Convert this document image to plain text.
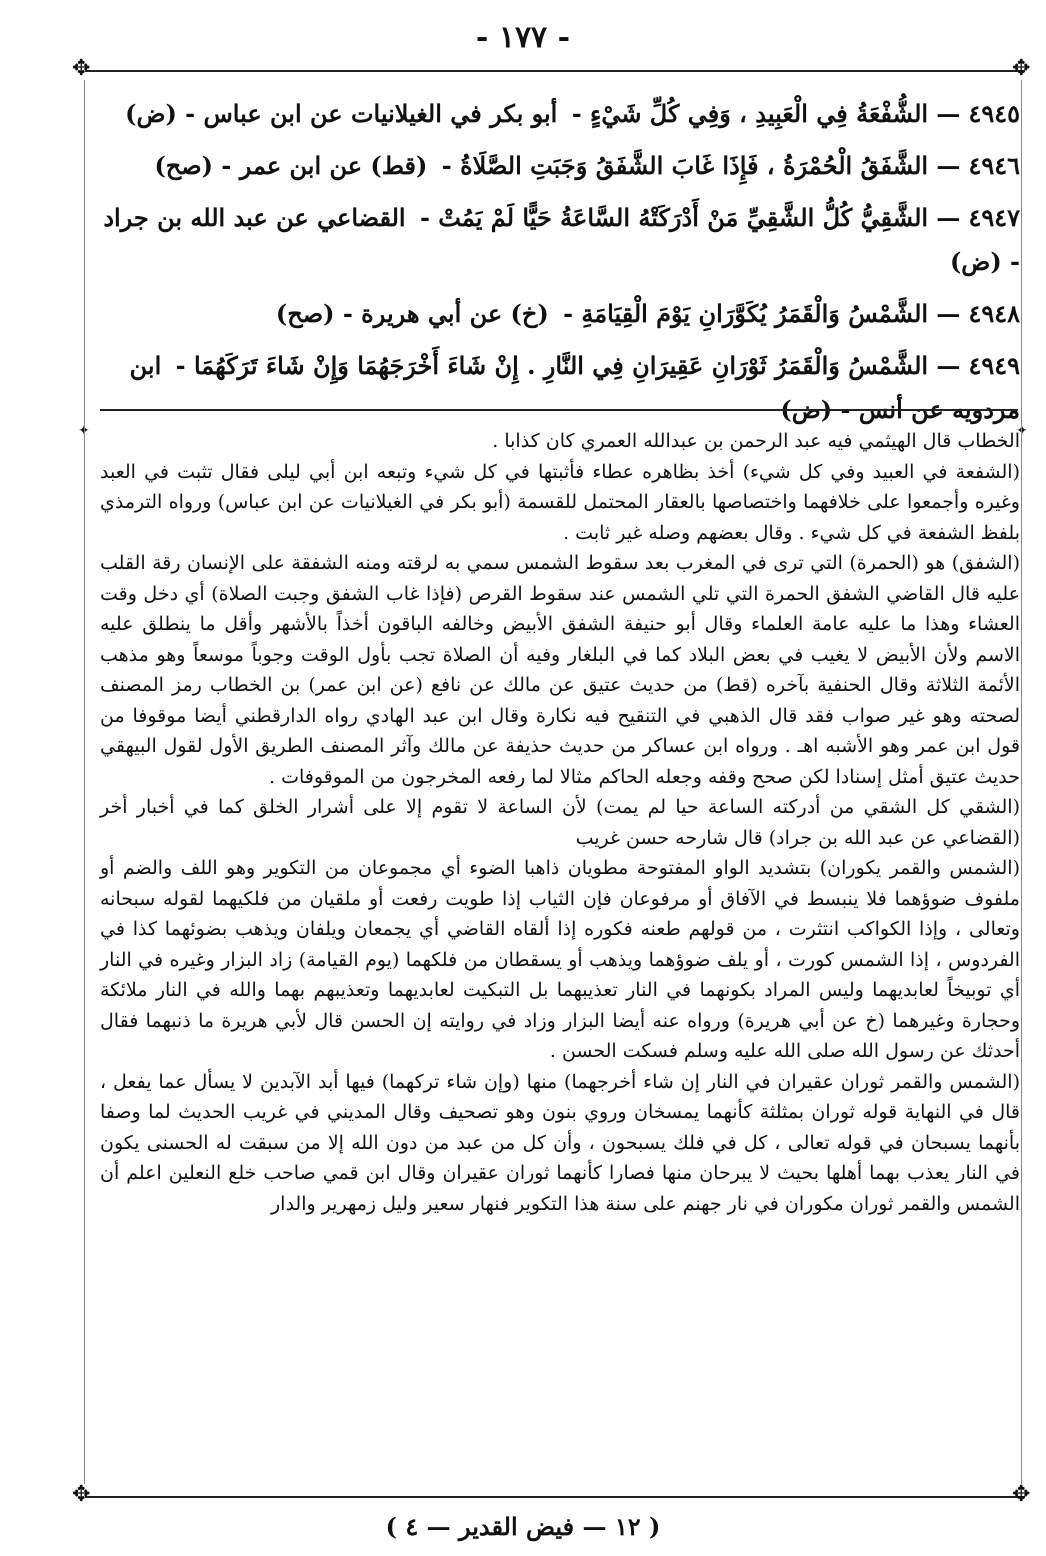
- ١٧٧ -
✥	✥
✦	✦

٤٩٤٥— الشُّفْعَةُ فِي الْعَبِيدِ ، وَفِي كُلِّ شَيْءٍ - أبو بكر في الغيلانيات عن ابن عباس - (ض)

٤٩٤٦— الشَّفَقُ الْحُمْرَةُ ، فَإِذَا غَابَ الشَّفَقُ وَجَبَتِ الصَّلَاةُ - (قط) عن ابن عمر - (صح)

٤٩٤٧— الشَّقِيُّ كُلُّ الشَّقِيِّ مَنْ أَدْرَكَتْهُ السَّاعَةُ حَيًّا لَمْ يَمُتْ - القضاعي عن عبد الله بن جراد - (ض)

٤٩٤٨— الشَّمْسُ وَالْقَمَرُ يُكَوَّرَانِ يَوْمَ الْقِيَامَةِ - (خ) عن أبي هريرة - (صح)

٤٩٤٩— الشَّمْسُ وَالْقَمَرُ ثَوْرَانِ عَقِيرَانِ فِي النَّارِ . إِنْ شَاءَ أَخْرَجَهُمَا وَإِنْ شَاءَ تَرَكَهُمَا - ابن مردويه عن أنس - (ض)

الخطاب قال الهيثمي فيه عبد الرحمن بن عبدالله العمري كان كذابا .

(الشفعة في العبيد وفي كل شيء) أخذ بظاهره عطاء فأثبتها في كل شيء وتبعه ابن أبي ليلى فقال تثبت في العبد وغيره وأجمعوا على خلافهما واختصاصها بالعقار المحتمل للقسمة (أبو بكر في الغيلانيات عن ابن عباس) ورواه الترمذي بلفظ الشفعة في كل شيء . وقال بعضهم وصله غير ثابت .

(الشفق) هو (الحمرة) التي ترى في المغرب بعد سقوط الشمس سمي به لرقته ومنه الشفقة على الإنسان رقة القلب عليه قال القاضي الشفق الحمرة التي تلي الشمس عند سقوط القرص (فإذا غاب الشفق وجبت الصلاة) أي دخل وقت العشاء وهذا ما عليه عامة العلماء وقال أبو حنيفة الشفق الأبيض وخالفه الباقون أخذاً بالأشهر وأقل ما ينطلق عليه الاسم ولأن الأبيض لا يغيب في بعض البلاد كما في البلغار وفيه أن الصلاة تجب بأول الوقت وجوباً موسعاً وهو مذهب الأئمة الثلاثة وقال الحنفية بآخره (قط) من حديث عتيق عن مالك عن نافع (عن ابن عمر) بن الخطاب رمز المصنف لصحته وهو غير صواب فقد قال الذهبي في التنقيح فيه نكارة وقال ابن عبد الهادي رواه الدارقطني أيضا موقوفا من قول ابن عمر وهو الأشبه اهـ . ورواه ابن عساكر من حديث حذيفة عن مالك وآثر المصنف الطريق الأول لقول البيهقي حديث عتيق أمثل إسنادا لكن صحح وقفه وجعله الحاكم مثالا لما رفعه المخرجون من الموقوفات .

(الشقي كل الشقي من أدركته الساعة حيا لم يمت) لأن الساعة لا تقوم إلا على أشرار الخلق كما في أخبار أخر (القضاعي عن عبد الله بن جراد) قال شارحه حسن غريب

(الشمس والقمر يكوران) بتشديد الواو المفتوحة مطويان ذاهبا الضوء أي مجموعان من التكوير وهو اللف والضم أو ملفوف ضوؤهما فلا ينبسط في الآفاق أو مرفوعان فإن الثياب إذا طويت رفعت أو ملقيان من فلكيهما لقوله سبحانه وتعالى ، وإذا الكواكب انتثرت ، من قولهم طعنه فكوره إذا ألقاه القاضي أي يجمعان ويلفان ويذهب بضوئهما كذا في الفردوس ، إذا الشمس كورت ، أو يلف ضوؤهما ويذهب أو يسقطان من فلكهما (يوم القيامة) زاد البزار وغيره في النار أي توبيخاً لعابديهما وليس المراد بكونهما في النار تعذيبهما بل التبكيت لعابديهما وتعذيبهم بهما والله في النار ملائكة وحجارة وغيرهما (خ عن أبي هريرة) ورواه عنه أيضا البزار وزاد في روايته إن الحسن قال لأبي هريرة ما ذنبهما فقال أحدثك عن رسول الله صلى الله عليه وسلم فسكت الحسن .

(الشمس والقمر ثوران عقيران في النار إن شاء أخرجهما) منها (وإن شاء تركهما) فيها أبد الآبدين لا يسأل عما يفعل ، قال في النهاية قوله ثوران بمثلثة كأنهما يمسخان وروي بنون وهو تصحيف وقال المديني في غريب الحديث لما وصفا بأنهما يسبحان في قوله تعالى ، كل في فلك يسبحون ، وأن كل من عبد من دون الله إلا من سبقت له الحسنى يكون في النار يعذب بهما أهلها بحيث لا يبرحان منها فصارا كأنهما ثوران عقيران وقال ابن قمي صاحب خلع النعلين اعلم أن الشمس والقمر ثوران مكوران في نار جهنم على سنة هذا التكوير فنهار سعير وليل زمهرير والدار

✥	✥
( ١٢ — فيض القدير — ٤ )
